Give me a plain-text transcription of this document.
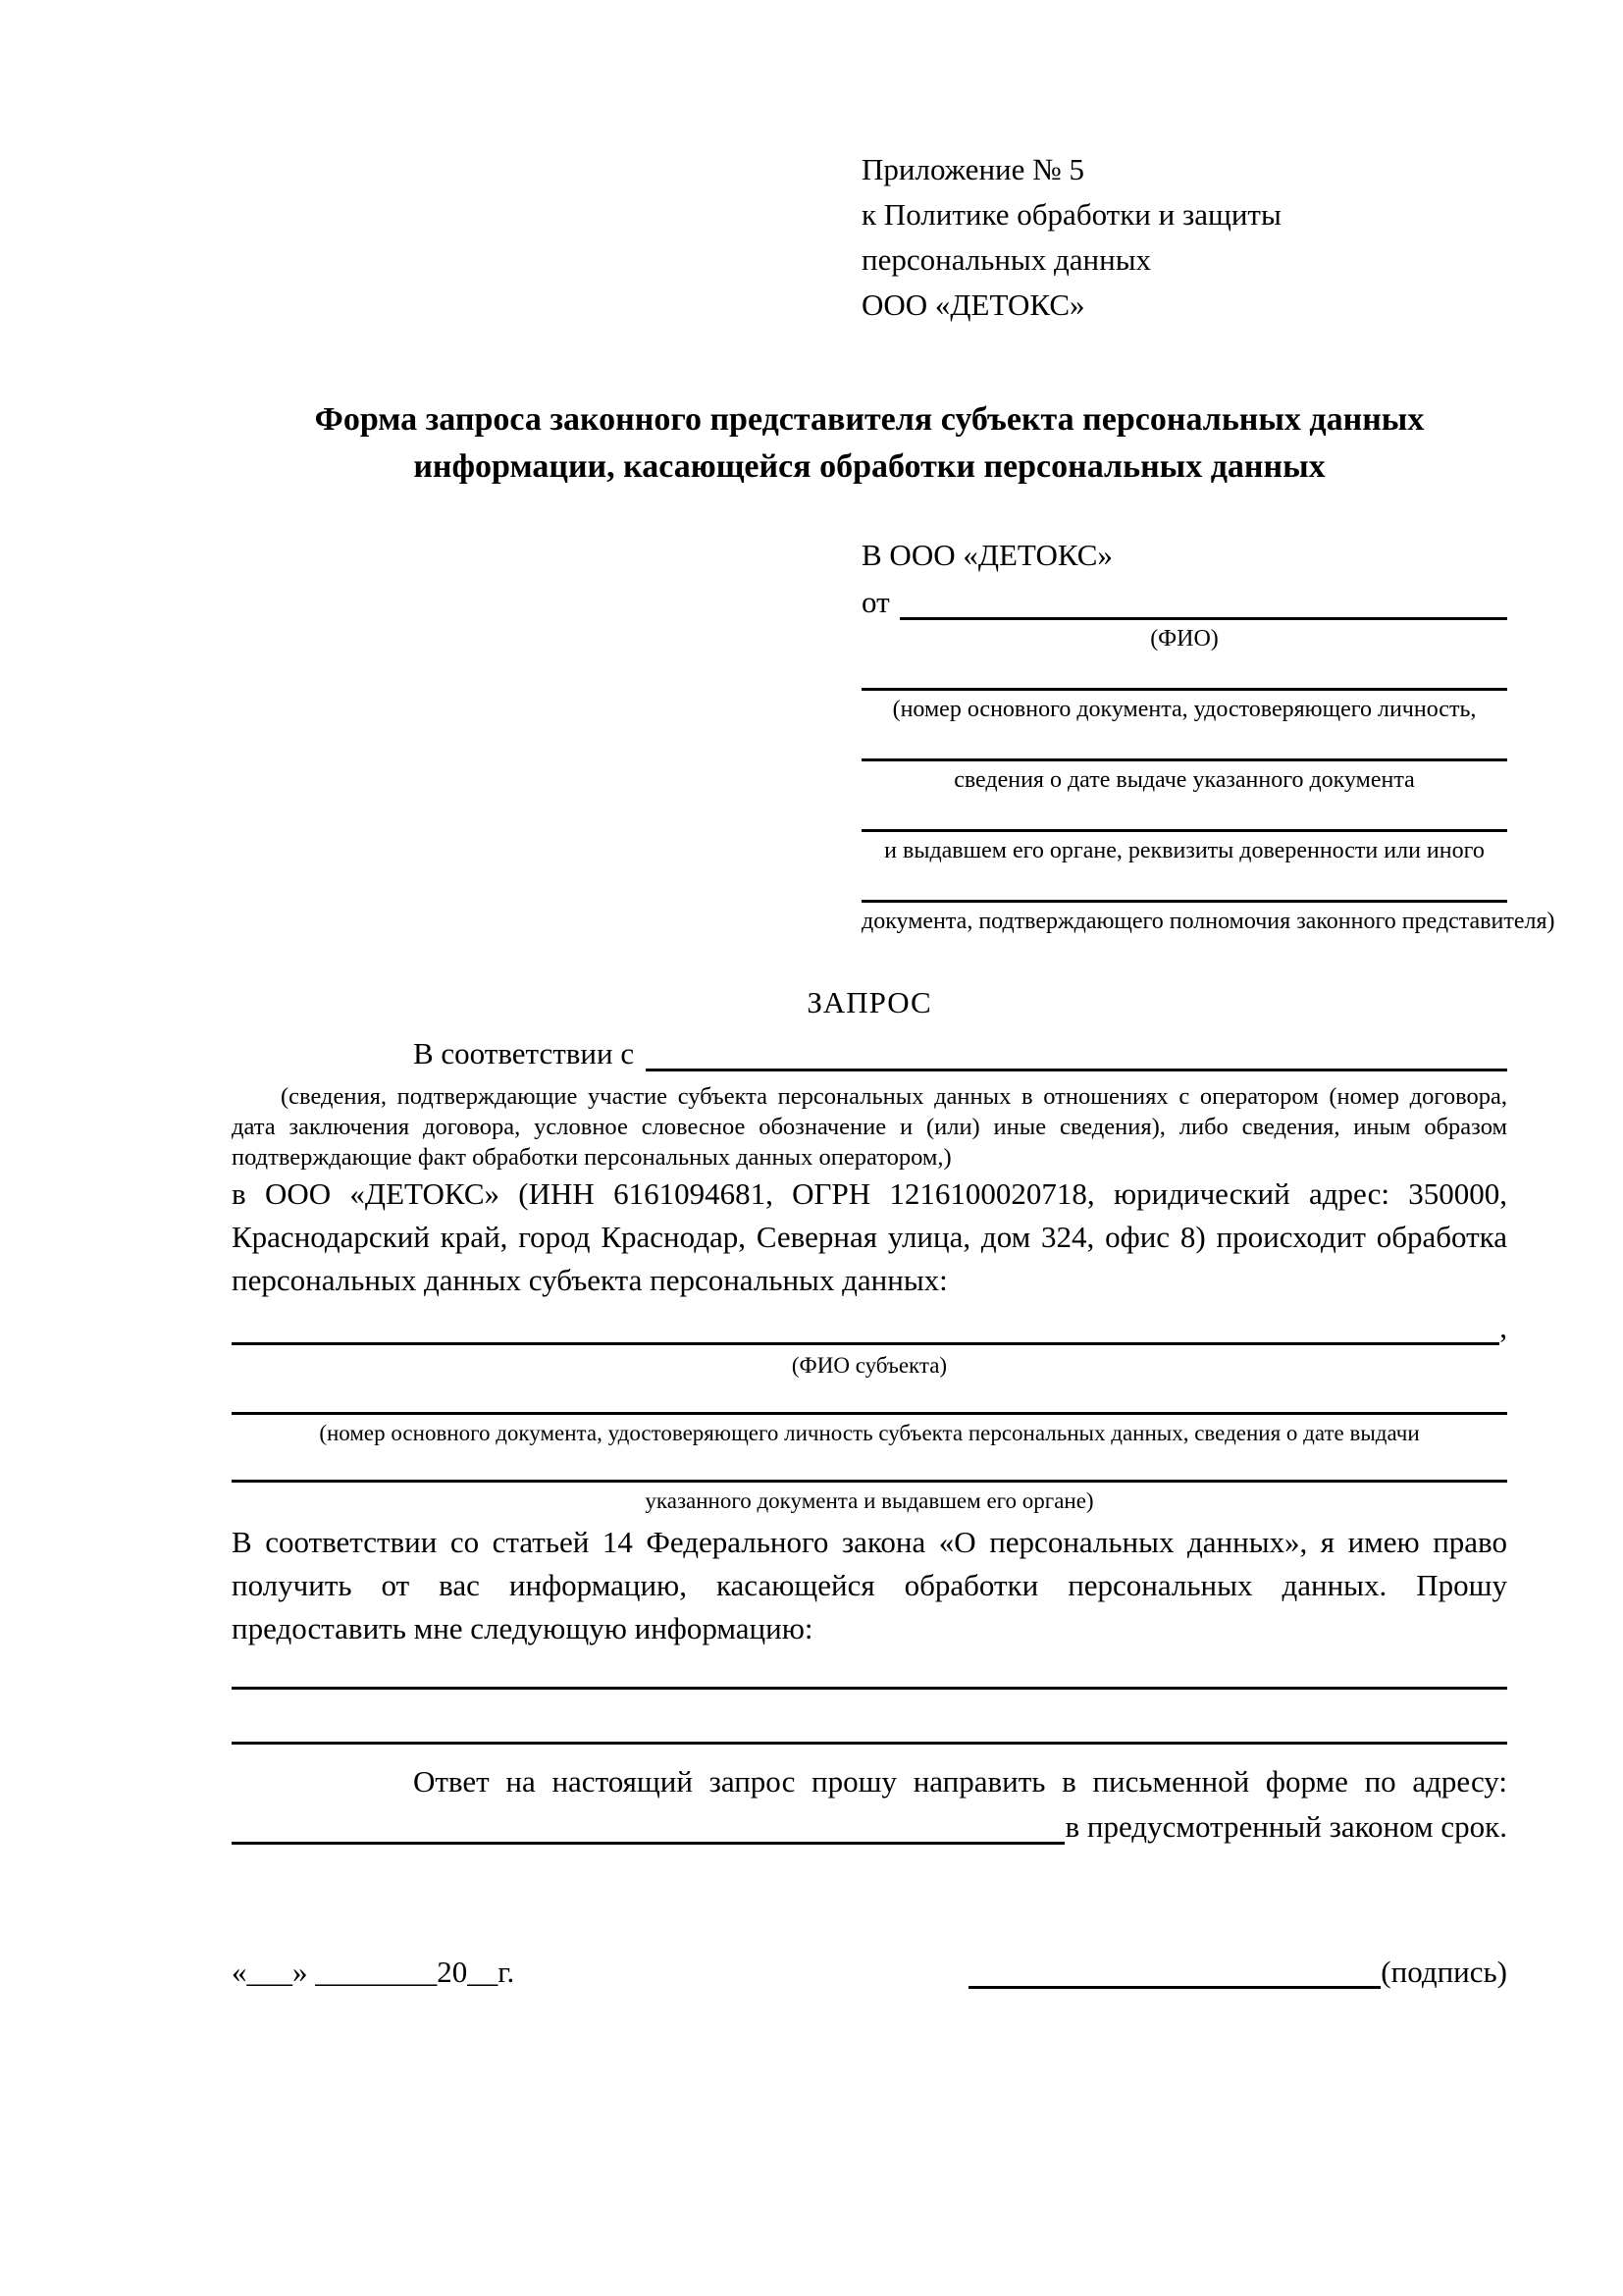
Приложение № 5
к Политике обработки и защиты
персональных данных
ООО «ДЕТОКС»
Форма запроса законного представителя субъекта персональных данных информации, касающейся обработки персональных данных
В ООО «ДЕТОКС»
от
(ФИО)
(номер основного документа, удостоверяющего личность,
сведения о дате выдаче указанного документа
и выдавшем его органе, реквизиты доверенности или иного
документа, подтверждающего полномочия законного представителя)
ЗАПРОС
В соответствии с
(сведения, подтверждающие участие субъекта персональных данных в отношениях с оператором (номер договора, дата заключения договора, условное словесное обозначение и (или) иные сведения), либо сведения, иным образом подтверждающие факт обработки персональных данных оператором,)
в ООО «ДЕТОКС» (ИНН 6161094681, ОГРН 1216100020718, юридический адрес: 350000, Краснодарский край, город Краснодар, Северная улица, дом 324, офис 8) происходит обработка персональных данных субъекта персональных данных:
,
(ФИО субъекта)
(номер основного документа, удостоверяющего личность субъекта персональных данных, сведения о дате выдачи
указанного документа и выдавшем его органе)
В соответствии со статьей 14 Федерального закона «О персональных данных», я имею право получить от вас информацию, касающейся обработки персональных данных. Прошу предоставить мне следующую информацию:
Ответ на настоящий запрос прошу направить в письменной форме по адресу:
в предусмотренный законом срок.
«___» ________20__г.	(подпись)
